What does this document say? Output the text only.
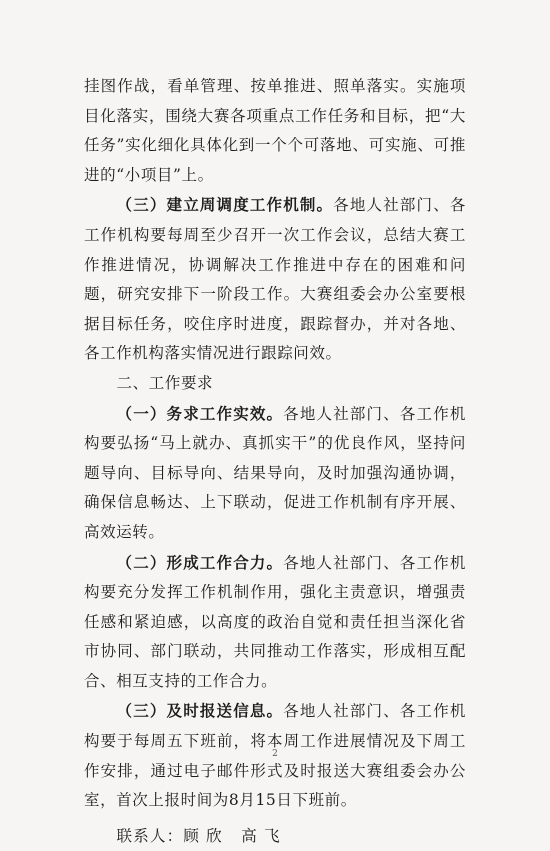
挂图作战，看单管理、按单推进、照单落实。实施项目化落实，围绕大赛各项重点工作任务和目标，把“大任务”实化细化具体化到一个个可落地、可实施、可推进的“小项目”上。

（三）建立周调度工作机制。各地人社部门、各工作机构要每周至少召开一次工作会议，总结大赛工作推进情况，协调解决工作推进中存在的困难和问题，研究安排下一阶段工作。大赛组委会办公室要根据目标任务，咬住序时进度，跟踪督办，并对各地、各工作机构落实情况进行跟踪问效。

二、工作要求

（一）务求工作实效。各地人社部门、各工作机构要弘扬“马上就办、真抓实干”的优良作风，坚持问题导向、目标导向、结果导向，及时加强沟通协调，确保信息畅达、上下联动，促进工作机制有序开展、高效运转。

（二）形成工作合力。各地人社部门、各工作机构要充分发挥工作机制作用，强化主责意识，增强责任感和紧迫感，以高度的政治自觉和责任担当深化省市协同、部门联动，共同推动工作落实，形成相互配合、相互支持的工作合力。

（三）及时报送信息。各地人社部门、各工作机构要于每周五下班前，将本周工作进展情况及下周工作安排，通过电子邮件形式及时报送大赛组委会办公室，首次上报时间为8月15日下班前。

联系人：顾 欣   高 飞

2
